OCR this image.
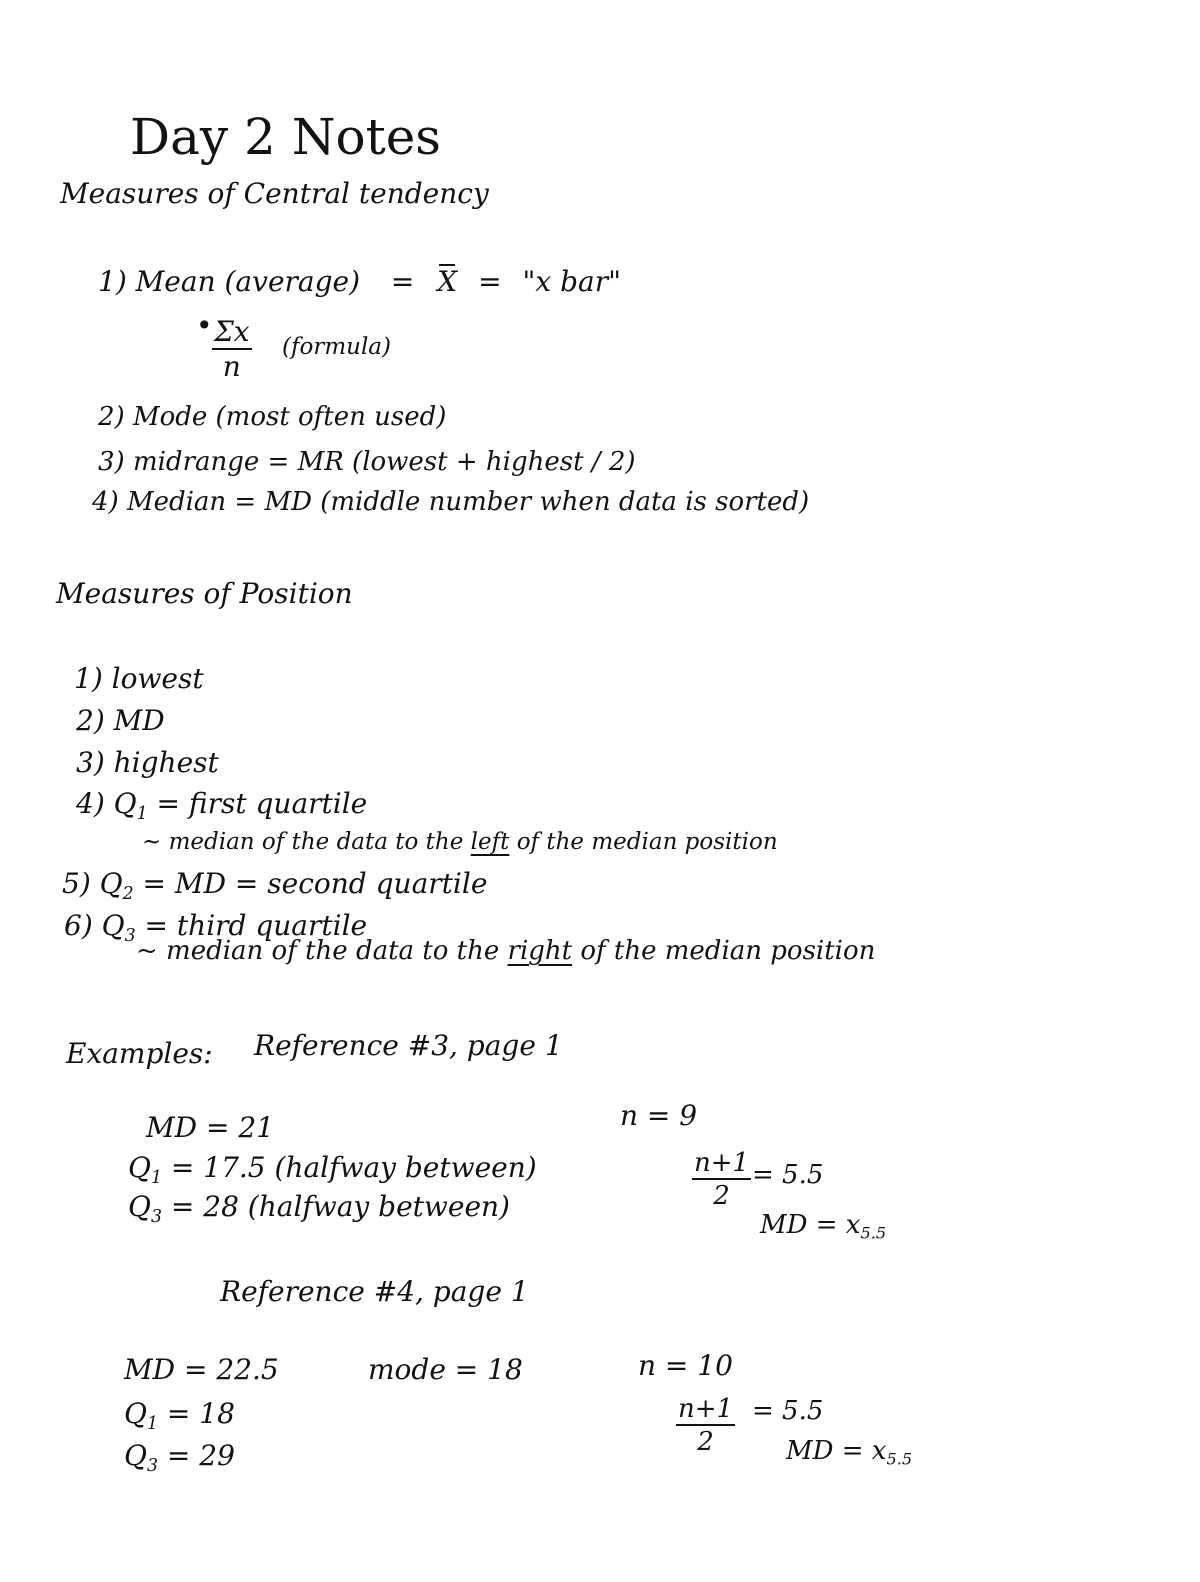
Day 2 Notes
Measures of Central tendency
1) Mean (average) = X = "x bar"
• $\frac{\Sigma x}{n}$ (formula)
2) Mode (most often used)
3) midrange = MR (lowest + highest / 2)
4) Median = MD (middle number when data is sorted)
Measures of Position
1) lowest
2) MD
3) highest
4) $Q_1$ = first quartile
~ median of the data to the left of the median position
5) $Q_2$ = MD = second quartile
6) $Q_3$ = third quartile
~ median of the data to the right of the median position
Examples: Reference #3, page 1
MD = 21
$Q_1 = 17.5$ (halfway between)
$Q_3 = 28$ (halfway between)
n = 9
$\frac{n+1}{2} = 5.5$
MD = $x_{5.5}$
Reference #4, page 1
MD = 22.5	mode = 18
$Q_1 = 18$
$Q_3 = 29$
n = 10
$\frac{n+1}{2} = 5.5$
MD = $x_{5.5}$
